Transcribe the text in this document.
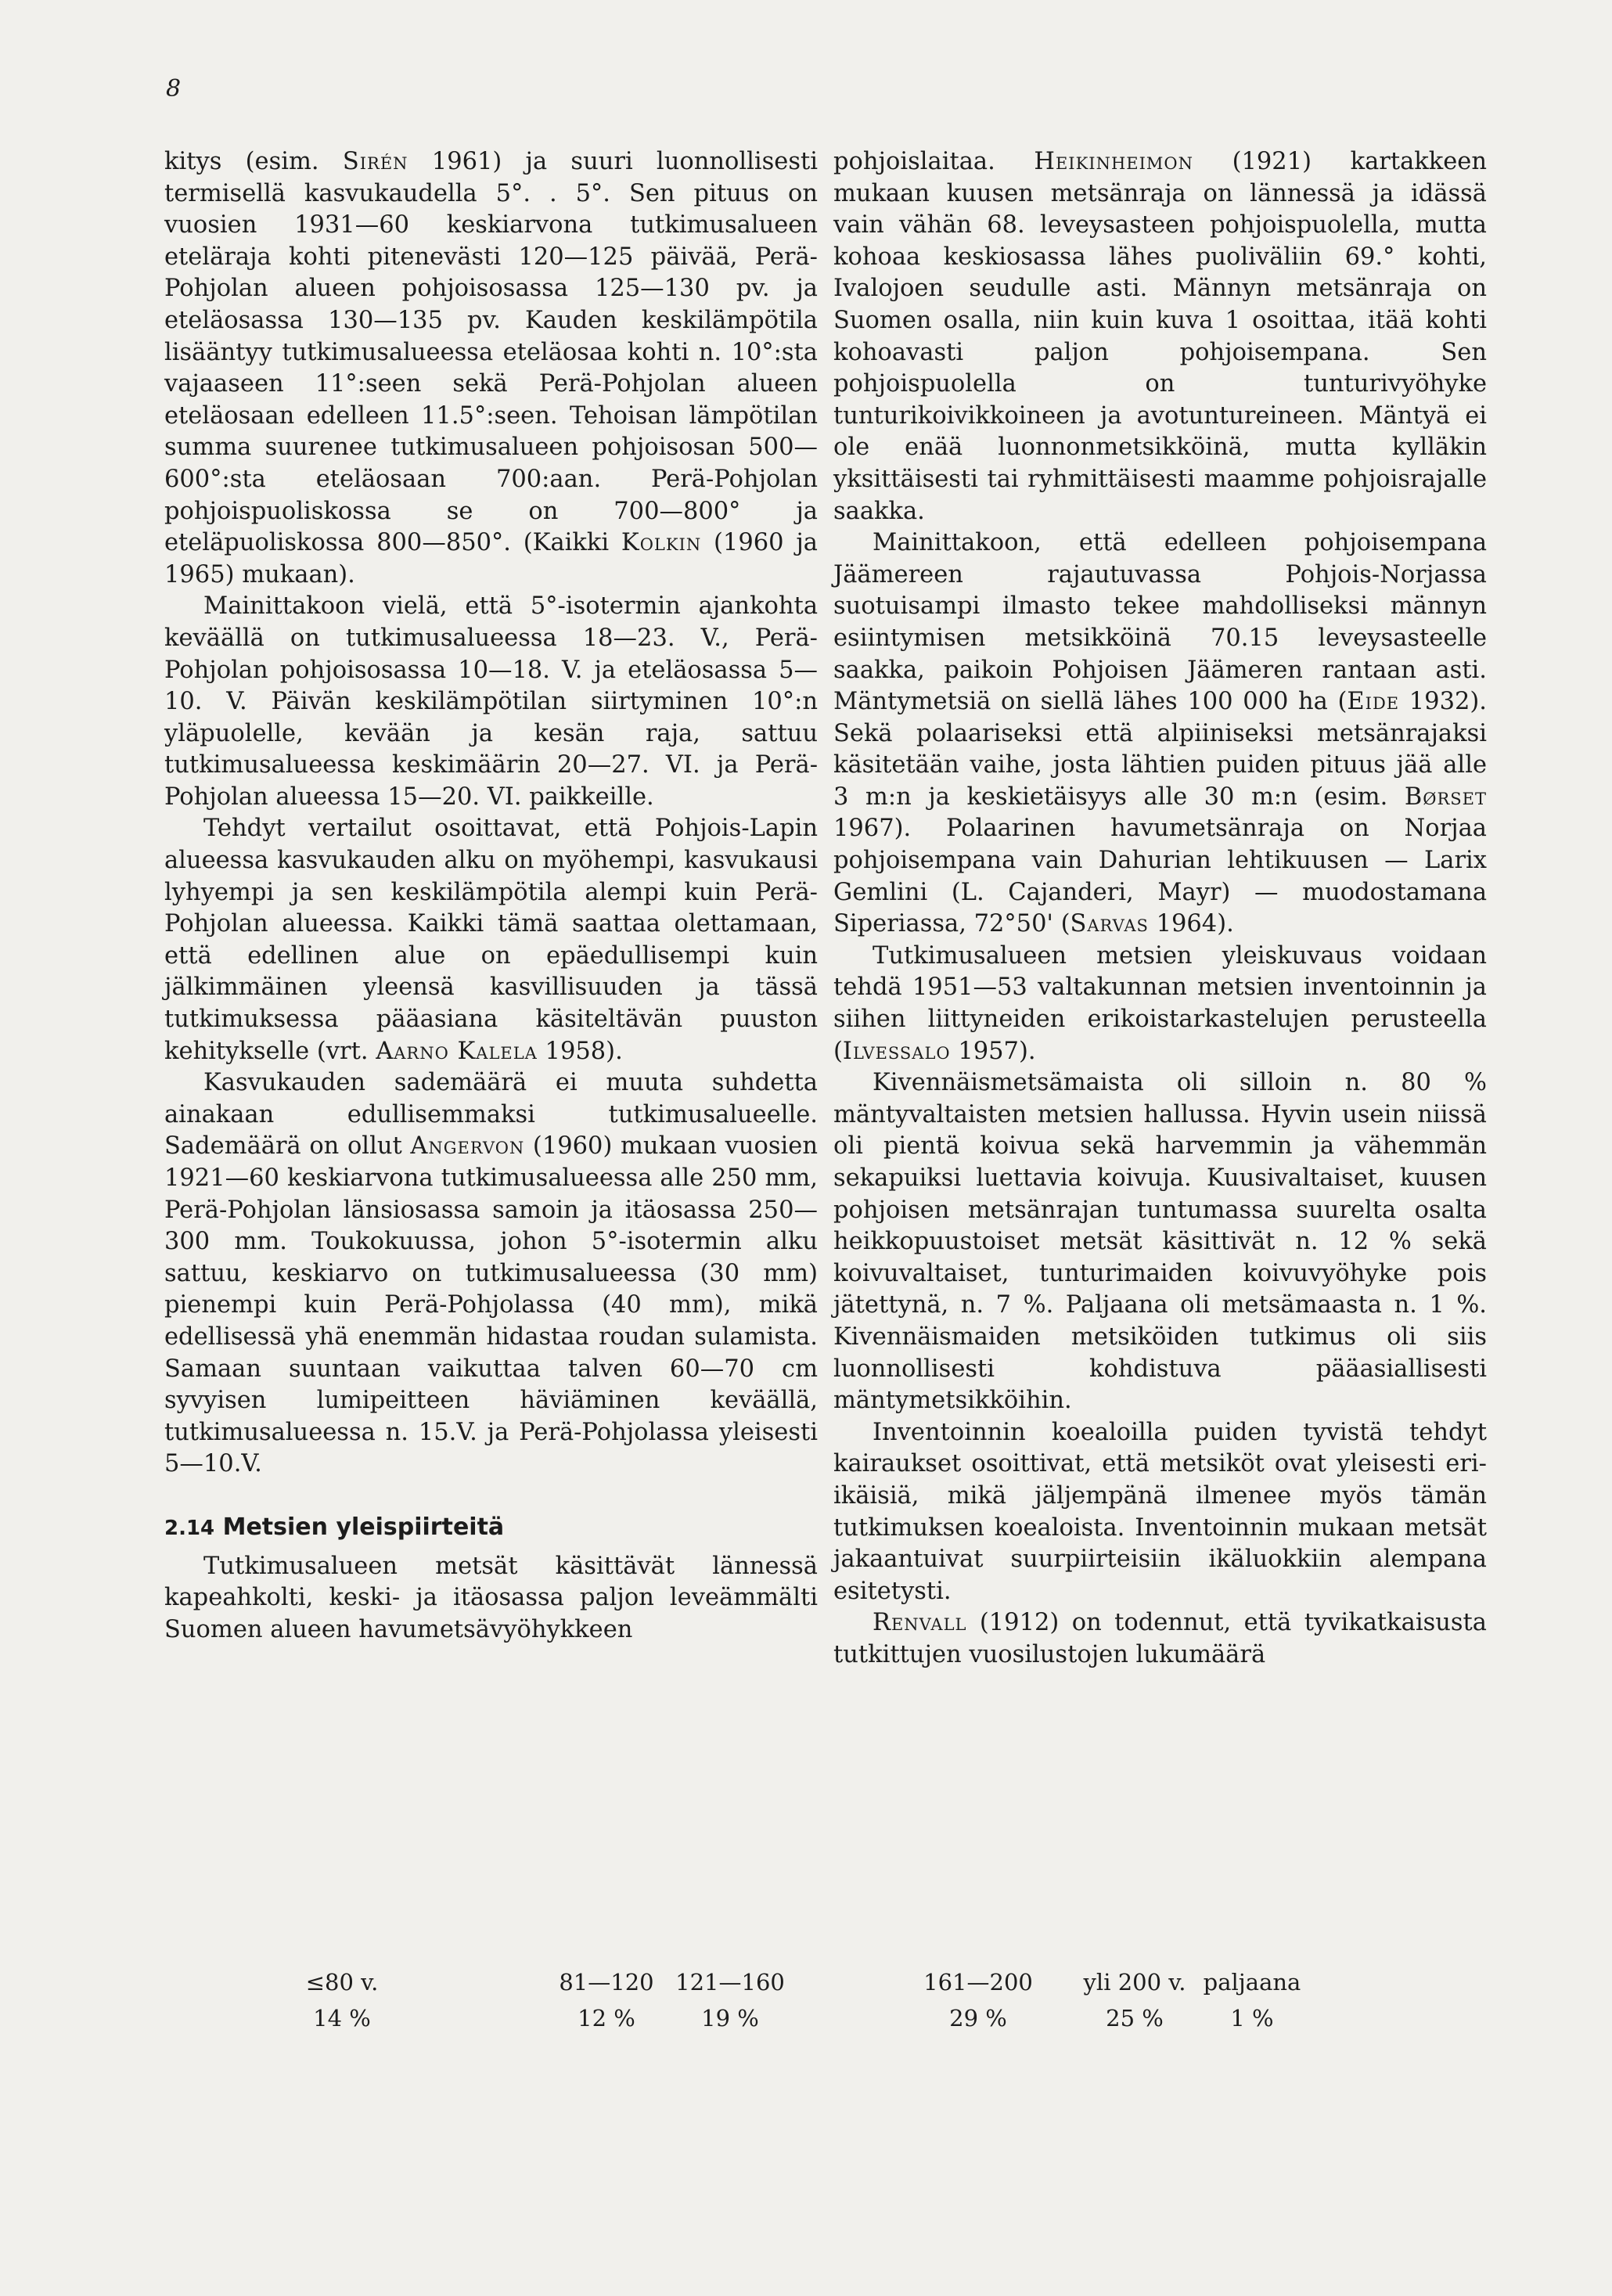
8

kitys (esim. Sirén 1961) ja suuri luonnollisesti termisellä kasvukaudella 5°. . 5°. Sen pituus on vuosien 1931—60 keskiarvona tutkimusalueen eteläraja kohti pitenevästi 120—125 päivää, Perä-Pohjolan alueen pohjoisosassa 125—130 pv. ja eteläosassa 130—135 pv. Kauden keskilämpötila lisääntyy tutkimusalueessa eteläosaa kohti n. 10°:sta vajaaseen 11°:seen sekä Perä-Pohjolan alueen eteläosaan edelleen 11.5°:seen. Tehoisan lämpötilan summa suurenee tutkimusalueen pohjoisosan 500—600°:sta eteläosaan 700:aan. Perä-Pohjolan pohjoispuoliskossa se on 700—800° ja eteläpuoliskossa 800—850°. (Kaikki Kolkin (1960 ja 1965) mukaan).

Mainittakoon vielä, että 5°-isotermin ajankohta keväällä on tutkimusalueessa 18—23. V., Perä-Pohjolan pohjoisosassa 10—18. V. ja eteläosassa 5—10. V. Päivän keskilämpötilan siirtyminen 10°:n yläpuolelle, kevään ja kesän raja, sattuu tutkimusalueessa keskimäärin 20—27. VI. ja Perä-Pohjolan alueessa 15—20. VI. paikkeille.

Tehdyt vertailut osoittavat, että Pohjois-Lapin alueessa kasvukauden alku on myöhempi, kasvukausi lyhyempi ja sen keskilämpötila alempi kuin Perä-Pohjolan alueessa. Kaikki tämä saattaa olettamaan, että edellinen alue on epäedullisempi kuin jälkimmäinen yleensä kasvillisuuden ja tässä tutkimuksessa pääasiana käsiteltävän puuston kehitykselle (vrt. Aarno Kalela 1958).

Kasvukauden sademäärä ei muuta suhdetta ainakaan edullisemmaksi tutkimusalueelle. Sademäärä on ollut Angervon (1960) mukaan vuosien 1921—60 keskiarvona tutkimusalueessa alle 250 mm, Perä-Pohjolan länsiosassa samoin ja itäosassa 250—300 mm. Toukokuussa, johon 5°-isotermin alku sattuu, keskiarvo on tutkimusalueessa (30 mm) pienempi kuin Perä-Pohjolassa (40 mm), mikä edellisessä yhä enemmän hidastaa roudan sulamista. Samaan suuntaan vaikuttaa talven 60—70 cm syvyisen lumipeitteen häviäminen keväällä, tutkimusalueessa n. 15.V. ja Perä-Pohjolassa yleisesti 5—10.V.

2.14 Metsien yleispiirteitä

Tutkimusalueen metsät käsittävät lännessä kapeahkolti, keski- ja itäosassa paljon leveämmälti Suomen alueen havumetsävyöhykkeen

pohjoislaitaa. Heikinheimon (1921) kartakkeen mukaan kuusen metsänraja on lännessä ja idässä vain vähän 68. leveysasteen pohjoispuolella, mutta kohoaa keskiosassa lähes puoliväliin 69.° kohti, Ivalojoen seudulle asti. Männyn metsänraja on Suomen osalla, niin kuin kuva 1 osoittaa, itää kohti kohoavasti paljon pohjoisempana. Sen pohjoispuolella on tunturivyöhyke tunturikoivikkoineen ja avotuntureineen. Mäntyä ei ole enää luonnonmetsikköinä, mutta kylläkin yksittäisesti tai ryhmittäisesti maamme pohjoisrajalle saakka.

Mainittakoon, että edelleen pohjoisempana Jäämereen rajautuvassa Pohjois-Norjassa suotuisampi ilmasto tekee mahdolliseksi männyn esiintymisen metsikköinä 70.15 leveysasteelle saakka, paikoin Pohjoisen Jäämeren rantaan asti. Mäntymetsiä on siellä lähes 100 000 ha (Eide 1932). Sekä polaariseksi että alpiiniseksi metsänrajaksi käsitetään vaihe, josta lähtien puiden pituus jää alle 3 m:n ja keskietäisyys alle 30 m:n (esim. Børset 1967). Polaarinen havumetsänraja on Norjaa pohjoisempana vain Dahurian lehtikuusen — Larix Gemlini (L. Cajanderi, Mayr) — muodostamana Siperiassa, 72°50' (Sarvas 1964).

Tutkimusalueen metsien yleiskuvaus voidaan tehdä 1951—53 valtakunnan metsien inventoinnin ja siihen liittyneiden erikoistarkastelujen perusteella (Ilvessalo 1957).

Kivennäismetsämaista oli silloin n. 80 % mäntyvaltaisten metsien hallussa. Hyvin usein niissä oli pientä koivua sekä harvemmin ja vähemmän sekapuiksi luettavia koivuja. Kuusivaltaiset, kuusen pohjoisen metsänrajan tuntumassa suurelta osalta heikkopuustoiset metsät käsittivät n. 12 % sekä koivuvaltaiset, tunturimaiden koivuvyöhyke pois jätettynä, n. 7 %. Paljaana oli metsämaasta n. 1 %. Kivennäismaiden metsiköiden tutkimus oli siis luonnollisesti kohdistuva pääasiallisesti mäntymetsikköihin.

Inventoinnin koealoilla puiden tyvistä tehdyt kairaukset osoittivat, että metsiköt ovat yleisesti eri-ikäisiä, mikä jäljempänä ilmenee myös tämän tutkimuksen koealoista. Inventoinnin mukaan metsät jakaantuivat suurpiirteisiin ikäluokkiin alempana esitetysti.

Renvall (1912) on todennut, että tyvikatkaisusta tutkittujen vuosilustojen lukumäärä

≤80 v.	81—120 121—160	161—200	yli 200 v. paljaana
14 %	12 %	19 %	29 %	25 %	1 %
